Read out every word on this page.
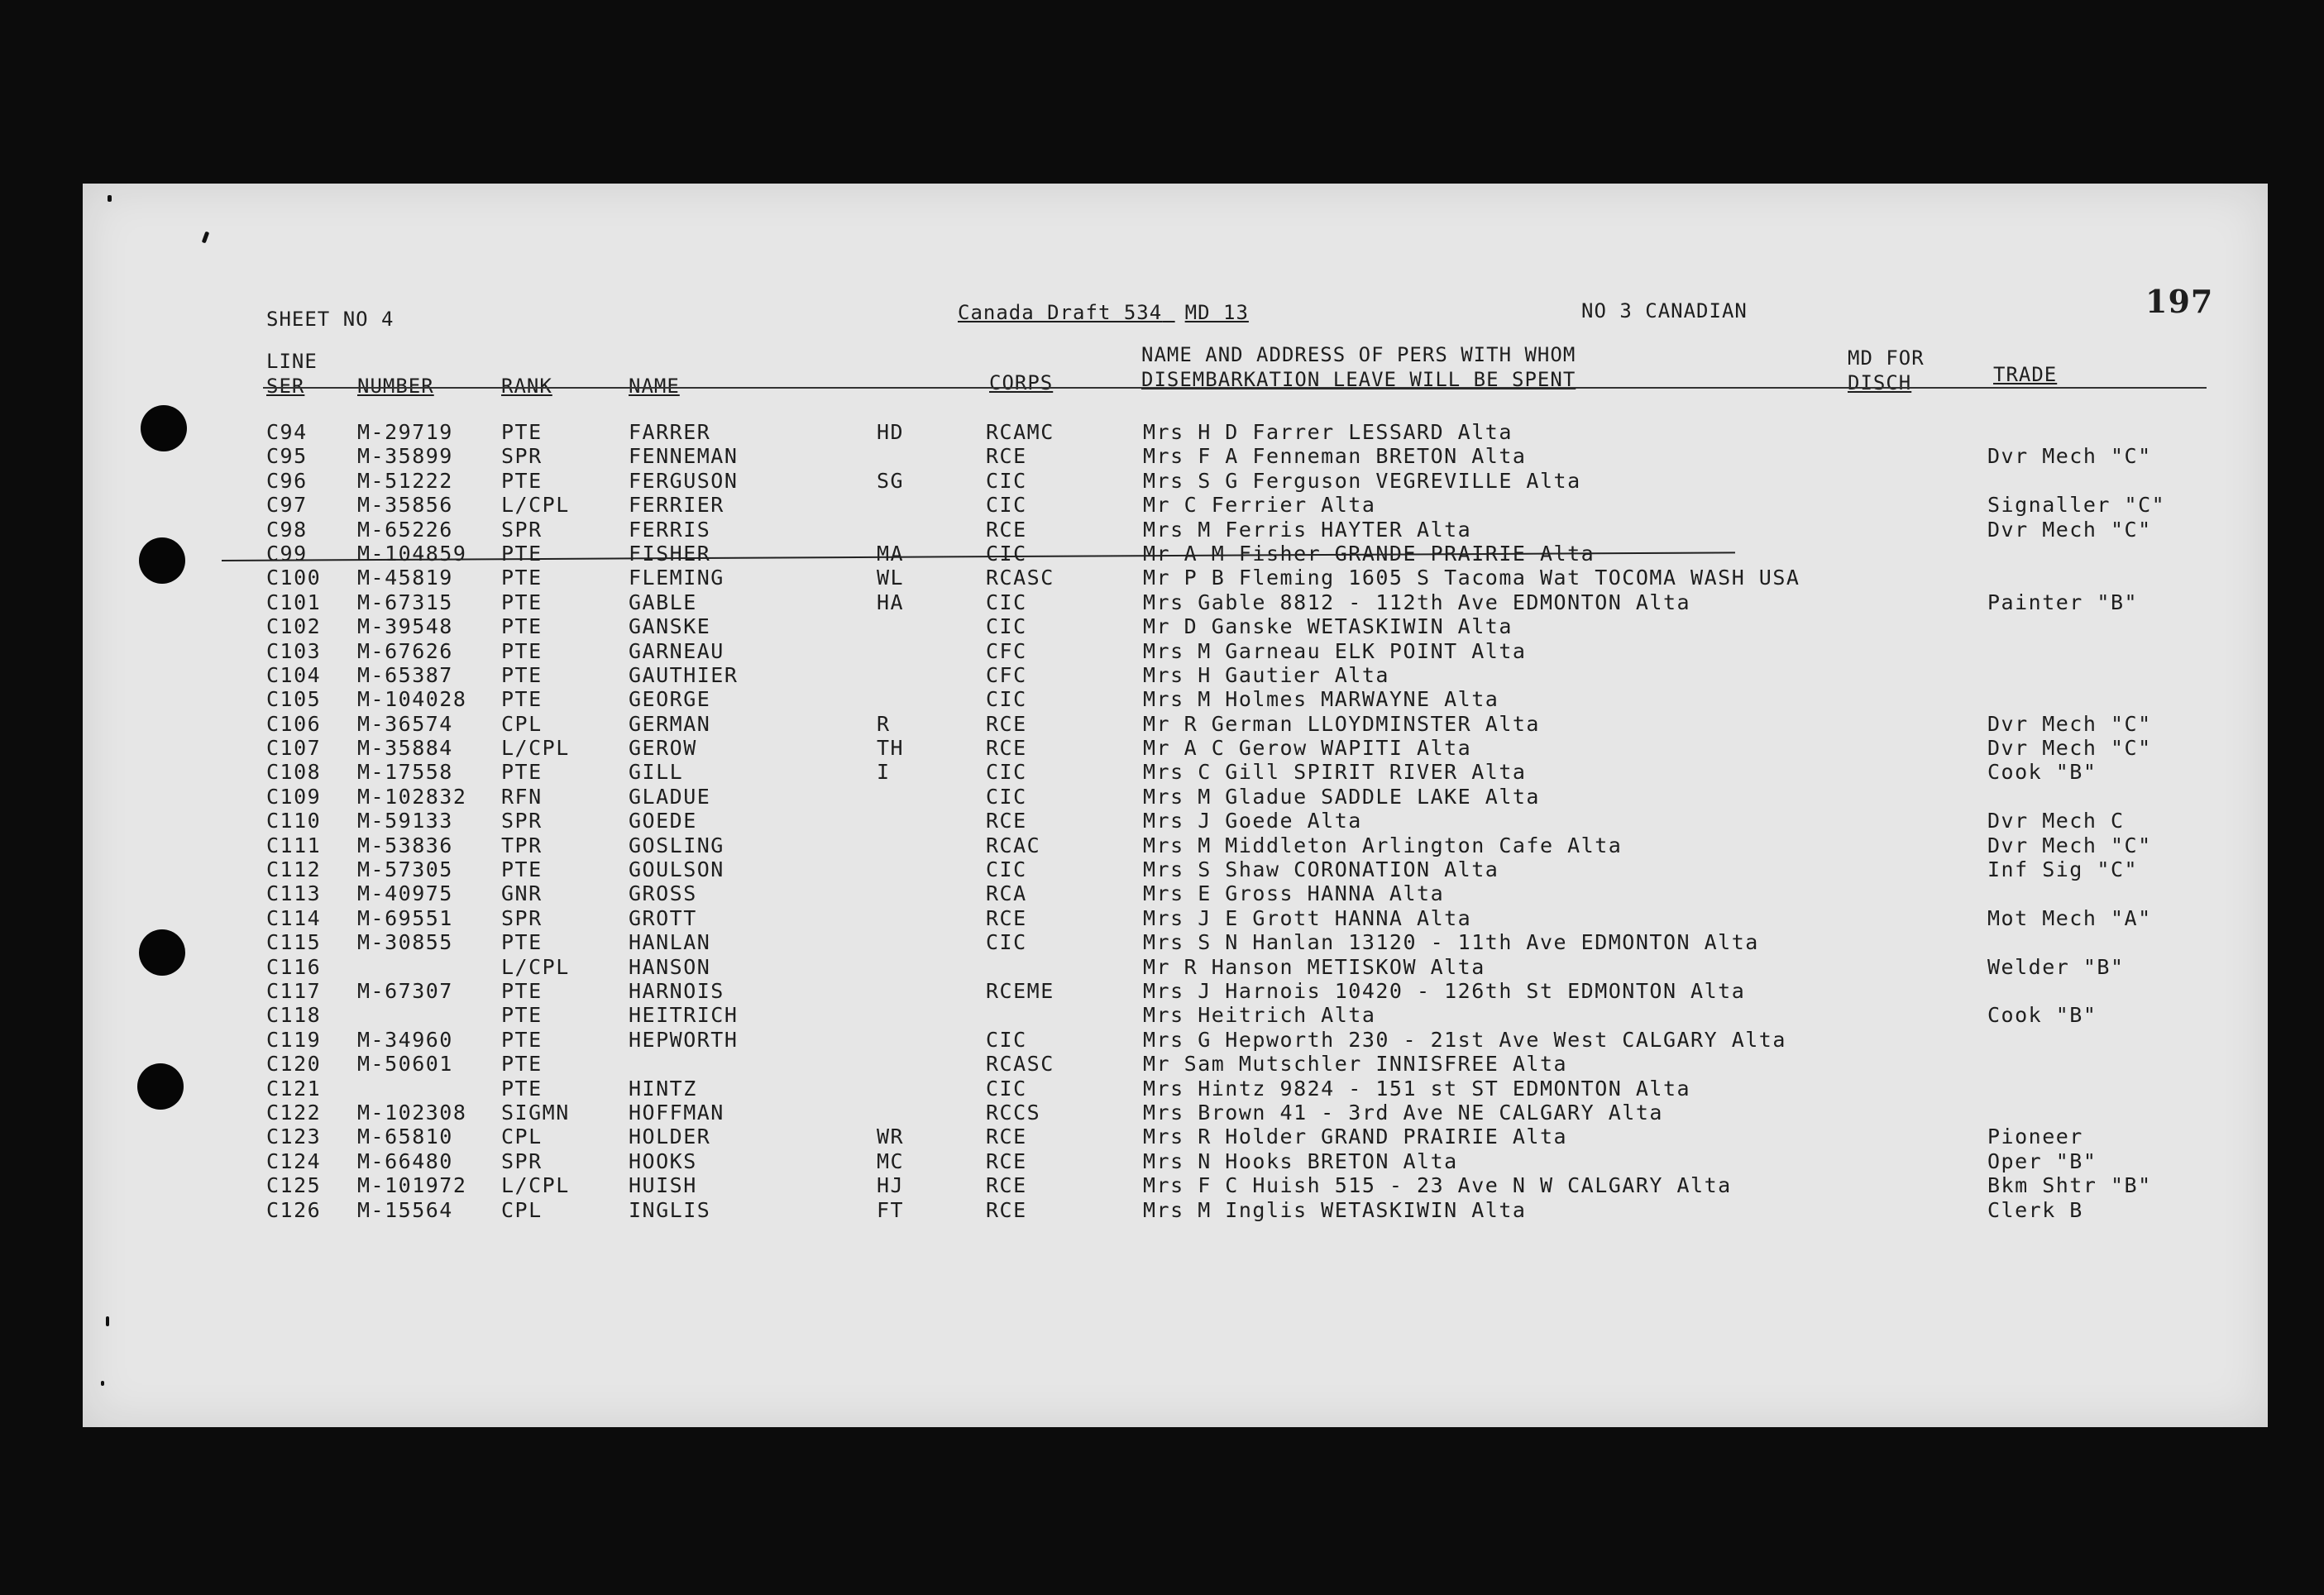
SHEET NO 4	Canada Draft 534 MD 13	NO 3 CANADIAN	197
LINE
SER	NUMBER	RANK	NAME	CORPS
NAME AND ADDRESS OF PERS WITH WHOM
DISEMBARKATION LEAVE WILL BE SPENT
MD FOR
DISCH	TRADE
C94 M-29719 PTE	FARRER	HD	RCAMC	Mrs H D Farrer LESSARD Alta
C95 M-35899 SPR	FENNEMAN	RCE	Mrs F A Fenneman BRETON Alta	Dvr Mech "C"
C96 M-51222 PTE	FERGUSON	SG	CIC	Mrs S G Ferguson VEGREVILLE Alta
C97 M-35856 L/CPL	FERRIER	CIC	Mr C Ferrier Alta	Signaller "C"
C98 M-65226 SPR	FERRIS	RCE	Mrs M Ferris HAYTER Alta	Dvr Mech "C"
C99 M-104859 PTE	FISHER	MA	CIC	Mr A M Fisher GRANDE PRAIRIE Alta
C100 M-45819 PTE	FLEMING	WL	RCASC	Mr P B Fleming 1605 S Tacoma Wat TOCOMA WASH USA
C101 M-67315 PTE	GABLE	HA	CIC	Mrs Gable 8812 - 112th Ave EDMONTON Alta	Painter "B"
C102 M-39548 PTE	GANSKE	CIC	Mr D Ganske WETASKIWIN Alta
C103 M-67626 PTE	GARNEAU	CFC	Mrs M Garneau ELK POINT Alta
C104 M-65387 PTE	GAUTHIER	CFC	Mrs H Gautier Alta
C105 M-104028 PTE	GEORGE	CIC	Mrs M Holmes MARWAYNE Alta
C106 M-36574 CPL	GERMAN	R	RCE	Mr R German LLOYDMINSTER Alta	Dvr Mech "C"
C107 M-35884 L/CPL	GEROW	TH	RCE	Mr A C Gerow WAPITI Alta	Dvr Mech "C"
C108 M-17558 PTE	GILL	I	CIC	Mrs C Gill SPIRIT RIVER Alta	Cook "B"
C109 M-102832 RFN	GLADUE	CIC	Mrs M Gladue SADDLE LAKE Alta
C110 M-59133 SPR	GOEDE	RCE	Mrs J Goede Alta	Dvr Mech C
C111 M-53836 TPR	GOSLING	RCAC	Mrs M Middleton Arlington Cafe Alta	Dvr Mech "C"
C112 M-57305 PTE	GOULSON	CIC	Mrs S Shaw CORONATION Alta	Inf Sig "C"
C113 M-40975 GNR	GROSS	RCA	Mrs E Gross HANNA Alta
C114 M-69551 SPR	GROTT	RCE	Mrs J E Grott HANNA Alta	Mot Mech "A"
C115 M-30855 PTE	HANLAN	CIC	Mrs S N Hanlan 13120 - 11th Ave EDMONTON Alta
C116	L/CPL	HANSON	Mr R Hanson METISKOW Alta	Welder "B"
C117 M-67307 PTE	HARNOIS	RCEME	Mrs J Harnois 10420 - 126th St EDMONTON Alta
C118	PTE	HEITRICH	Mrs Heitrich Alta	Cook "B"
C119 M-34960 PTE	HEPWORTH	CIC	Mrs G Hepworth 230 - 21st Ave West CALGARY Alta
C120 M-50601 PTE	RCASC	Mr Sam Mutschler INNISFREE Alta
C121	PTE	HINTZ	CIC	Mrs Hintz 9824 - 151 st ST EDMONTON Alta
C122 M-102308 SIGMN	HOFFMAN	RCCS	Mrs Brown 41 - 3rd Ave NE CALGARY Alta
C123 M-65810 CPL	HOLDER	WR	RCE	Mrs R Holder GRAND PRAIRIE Alta	Pioneer
C124 M-66480 SPR	HOOKS	MC	RCE	Mrs N Hooks BRETON Alta	Oper "B"
C125 M-101972 L/CPL	HUISH	HJ	RCE	Mrs F C Huish 515 - 23 Ave N W CALGARY Alta	Bkm Shtr "B"
C126 M-15564 CPL	INGLIS	FT	RCE	Mrs M Inglis WETASKIWIN Alta	Clerk B
